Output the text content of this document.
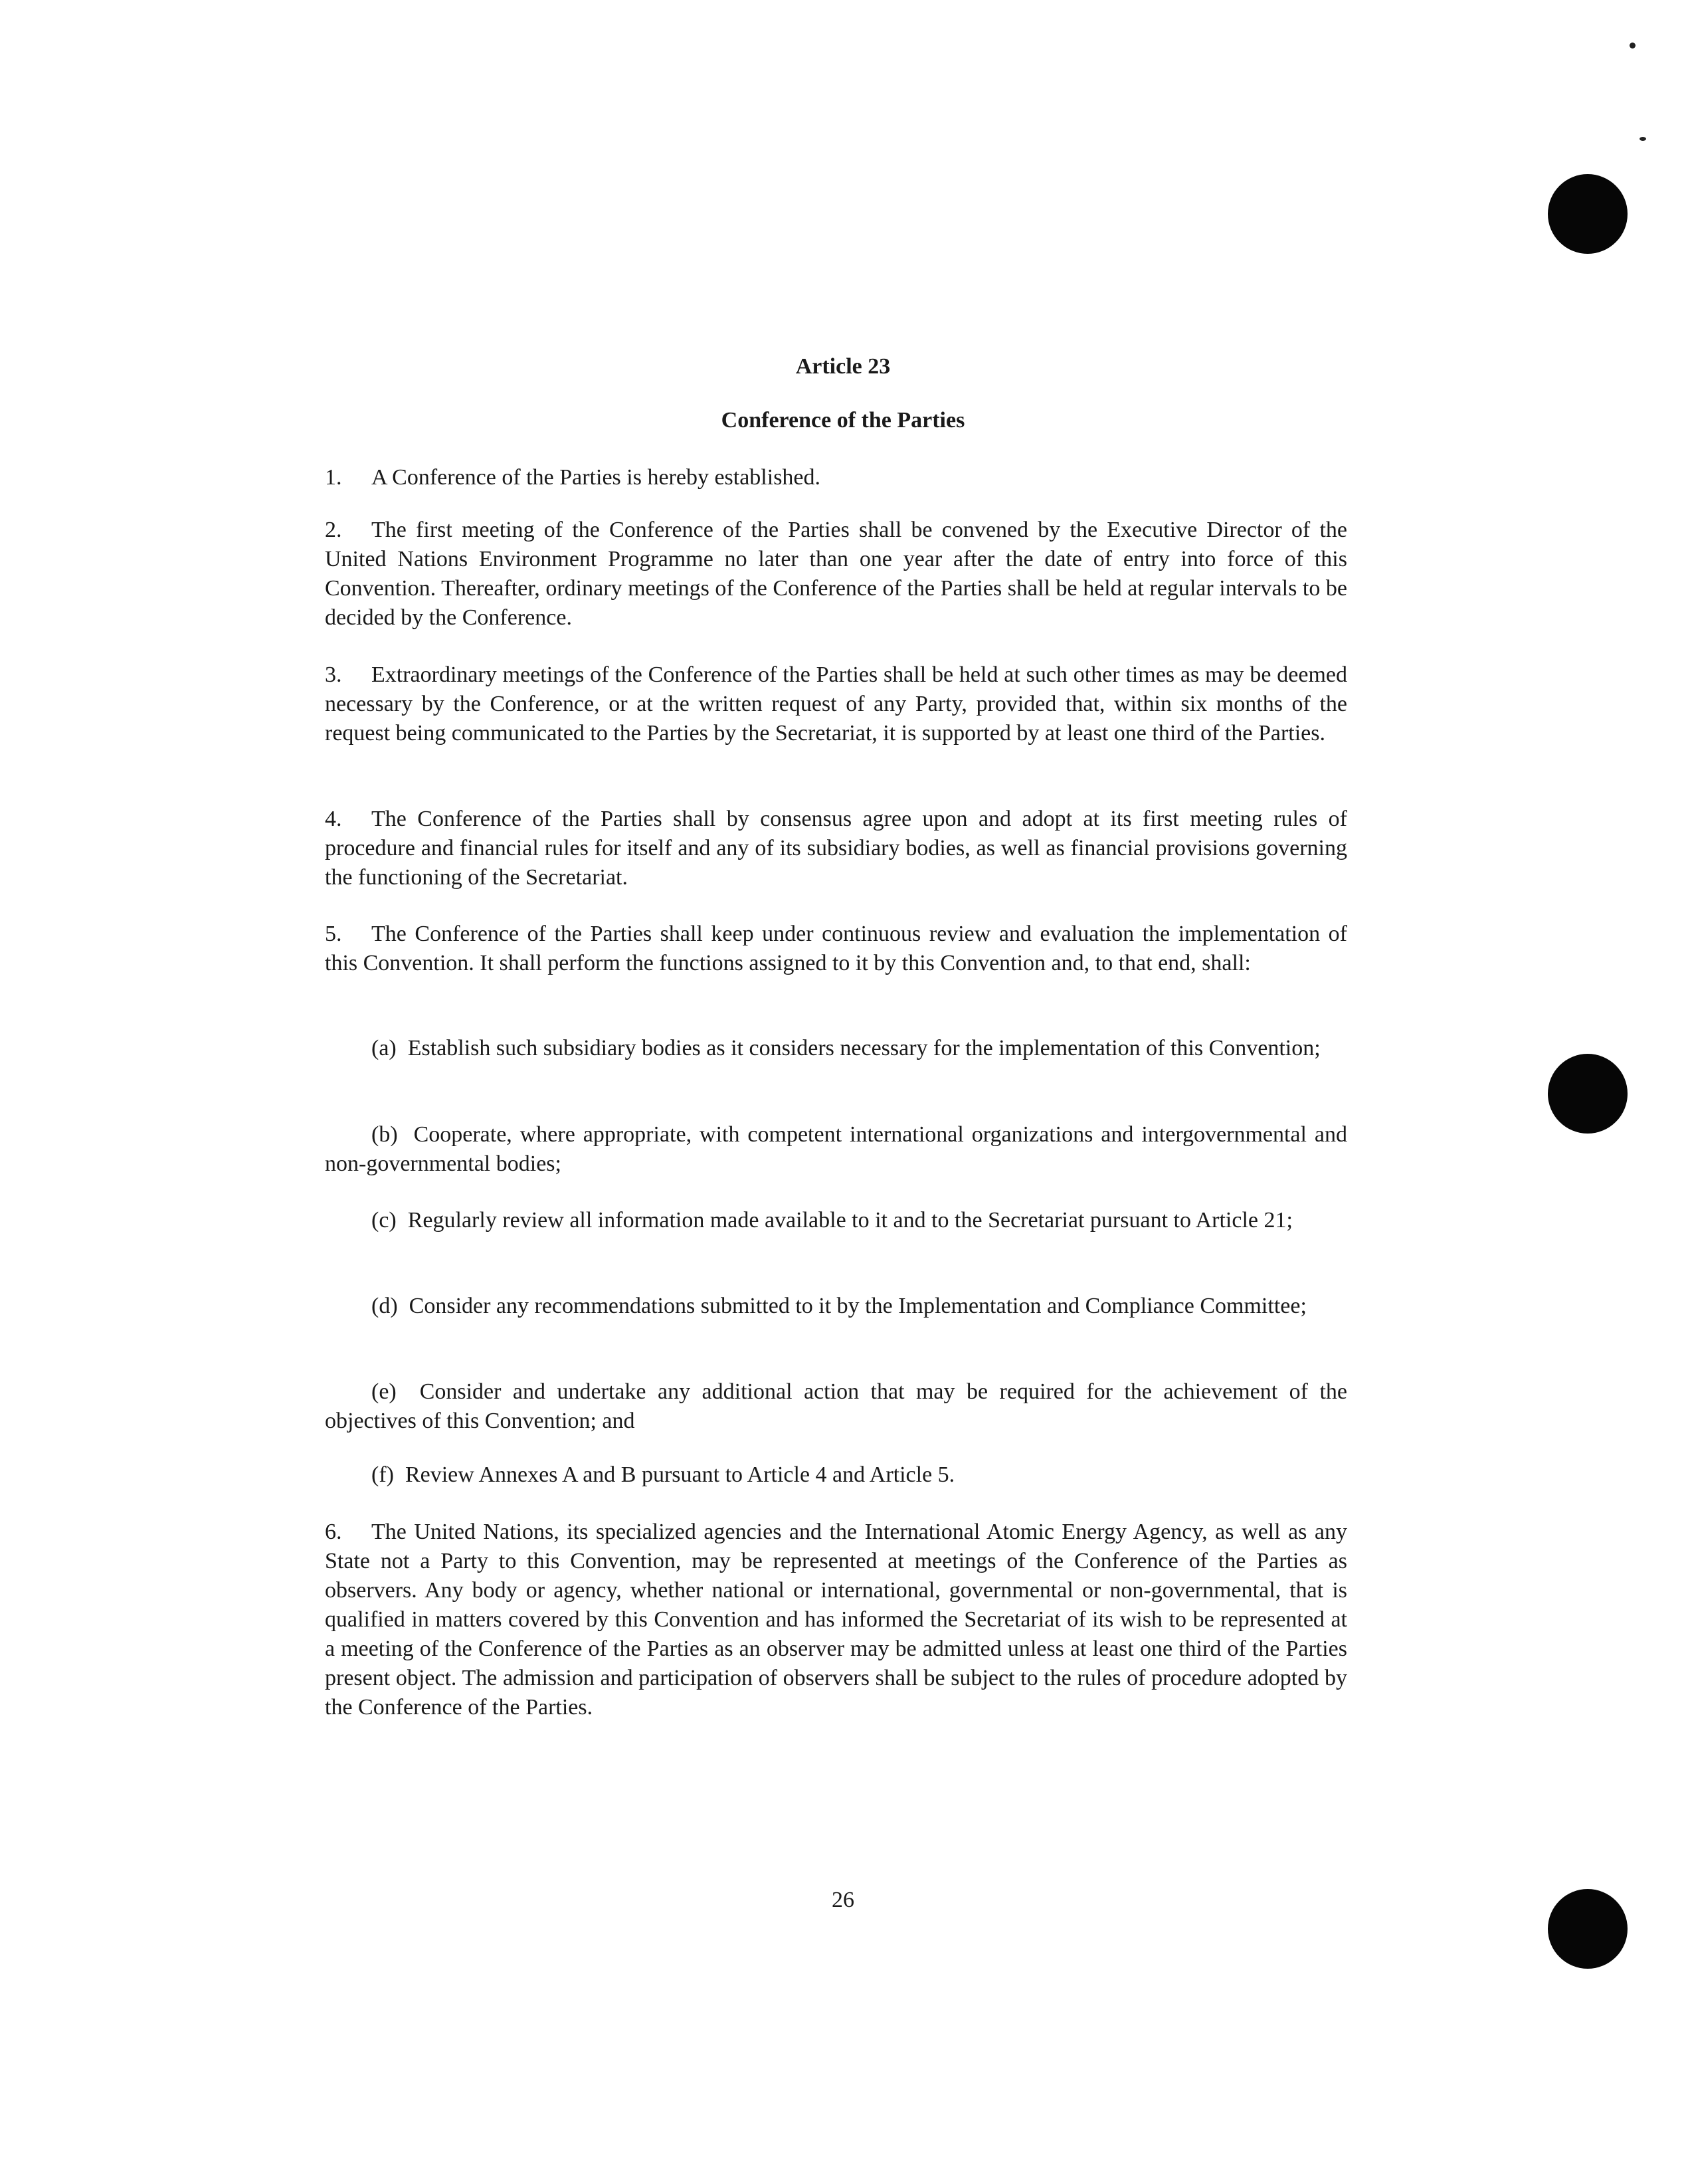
Article 23
Conference of the Parties

1. A Conference of the Parties is hereby established.

2. The first meeting of the Conference of the Parties shall be convened by the Executive Director of the United Nations Environment Programme no later than one year after the date of entry into force of this Convention. Thereafter, ordinary meetings of the Conference of the Parties shall be held at regular intervals to be decided by the Conference.

3. Extraordinary meetings of the Conference of the Parties shall be held at such other times as may be deemed necessary by the Conference, or at the written request of any Party, provided that, within six months of the request being communicated to the Parties by the Secretariat, it is supported by at least one third of the Parties.

4. The Conference of the Parties shall by consensus agree upon and adopt at its first meeting rules of procedure and financial rules for itself and any of its subsidiary bodies, as well as financial provisions governing the functioning of the Secretariat.

5. The Conference of the Parties shall keep under continuous review and evaluation the implementation of this Convention. It shall perform the functions assigned to it by this Convention and, to that end, shall:

(a) Establish such subsidiary bodies as it considers necessary for the implementation of this Convention;

(b) Cooperate, where appropriate, with competent international organizations and intergovernmental and non-governmental bodies;

(c) Regularly review all information made available to it and to the Secretariat pursuant to Article 21;

(d) Consider any recommendations submitted to it by the Implementation and Compliance Committee;

(e) Consider and undertake any additional action that may be required for the achievement of the objectives of this Convention; and

(f) Review Annexes A and B pursuant to Article 4 and Article 5.

6. The United Nations, its specialized agencies and the International Atomic Energy Agency, as well as any State not a Party to this Convention, may be represented at meetings of the Conference of the Parties as observers. Any body or agency, whether national or international, governmental or non-governmental, that is qualified in matters covered by this Convention and has informed the Secretariat of its wish to be represented at a meeting of the Conference of the Parties as an observer may be admitted unless at least one third of the Parties present object. The admission and participation of observers shall be subject to the rules of procedure adopted by the Conference of the Parties.

26
